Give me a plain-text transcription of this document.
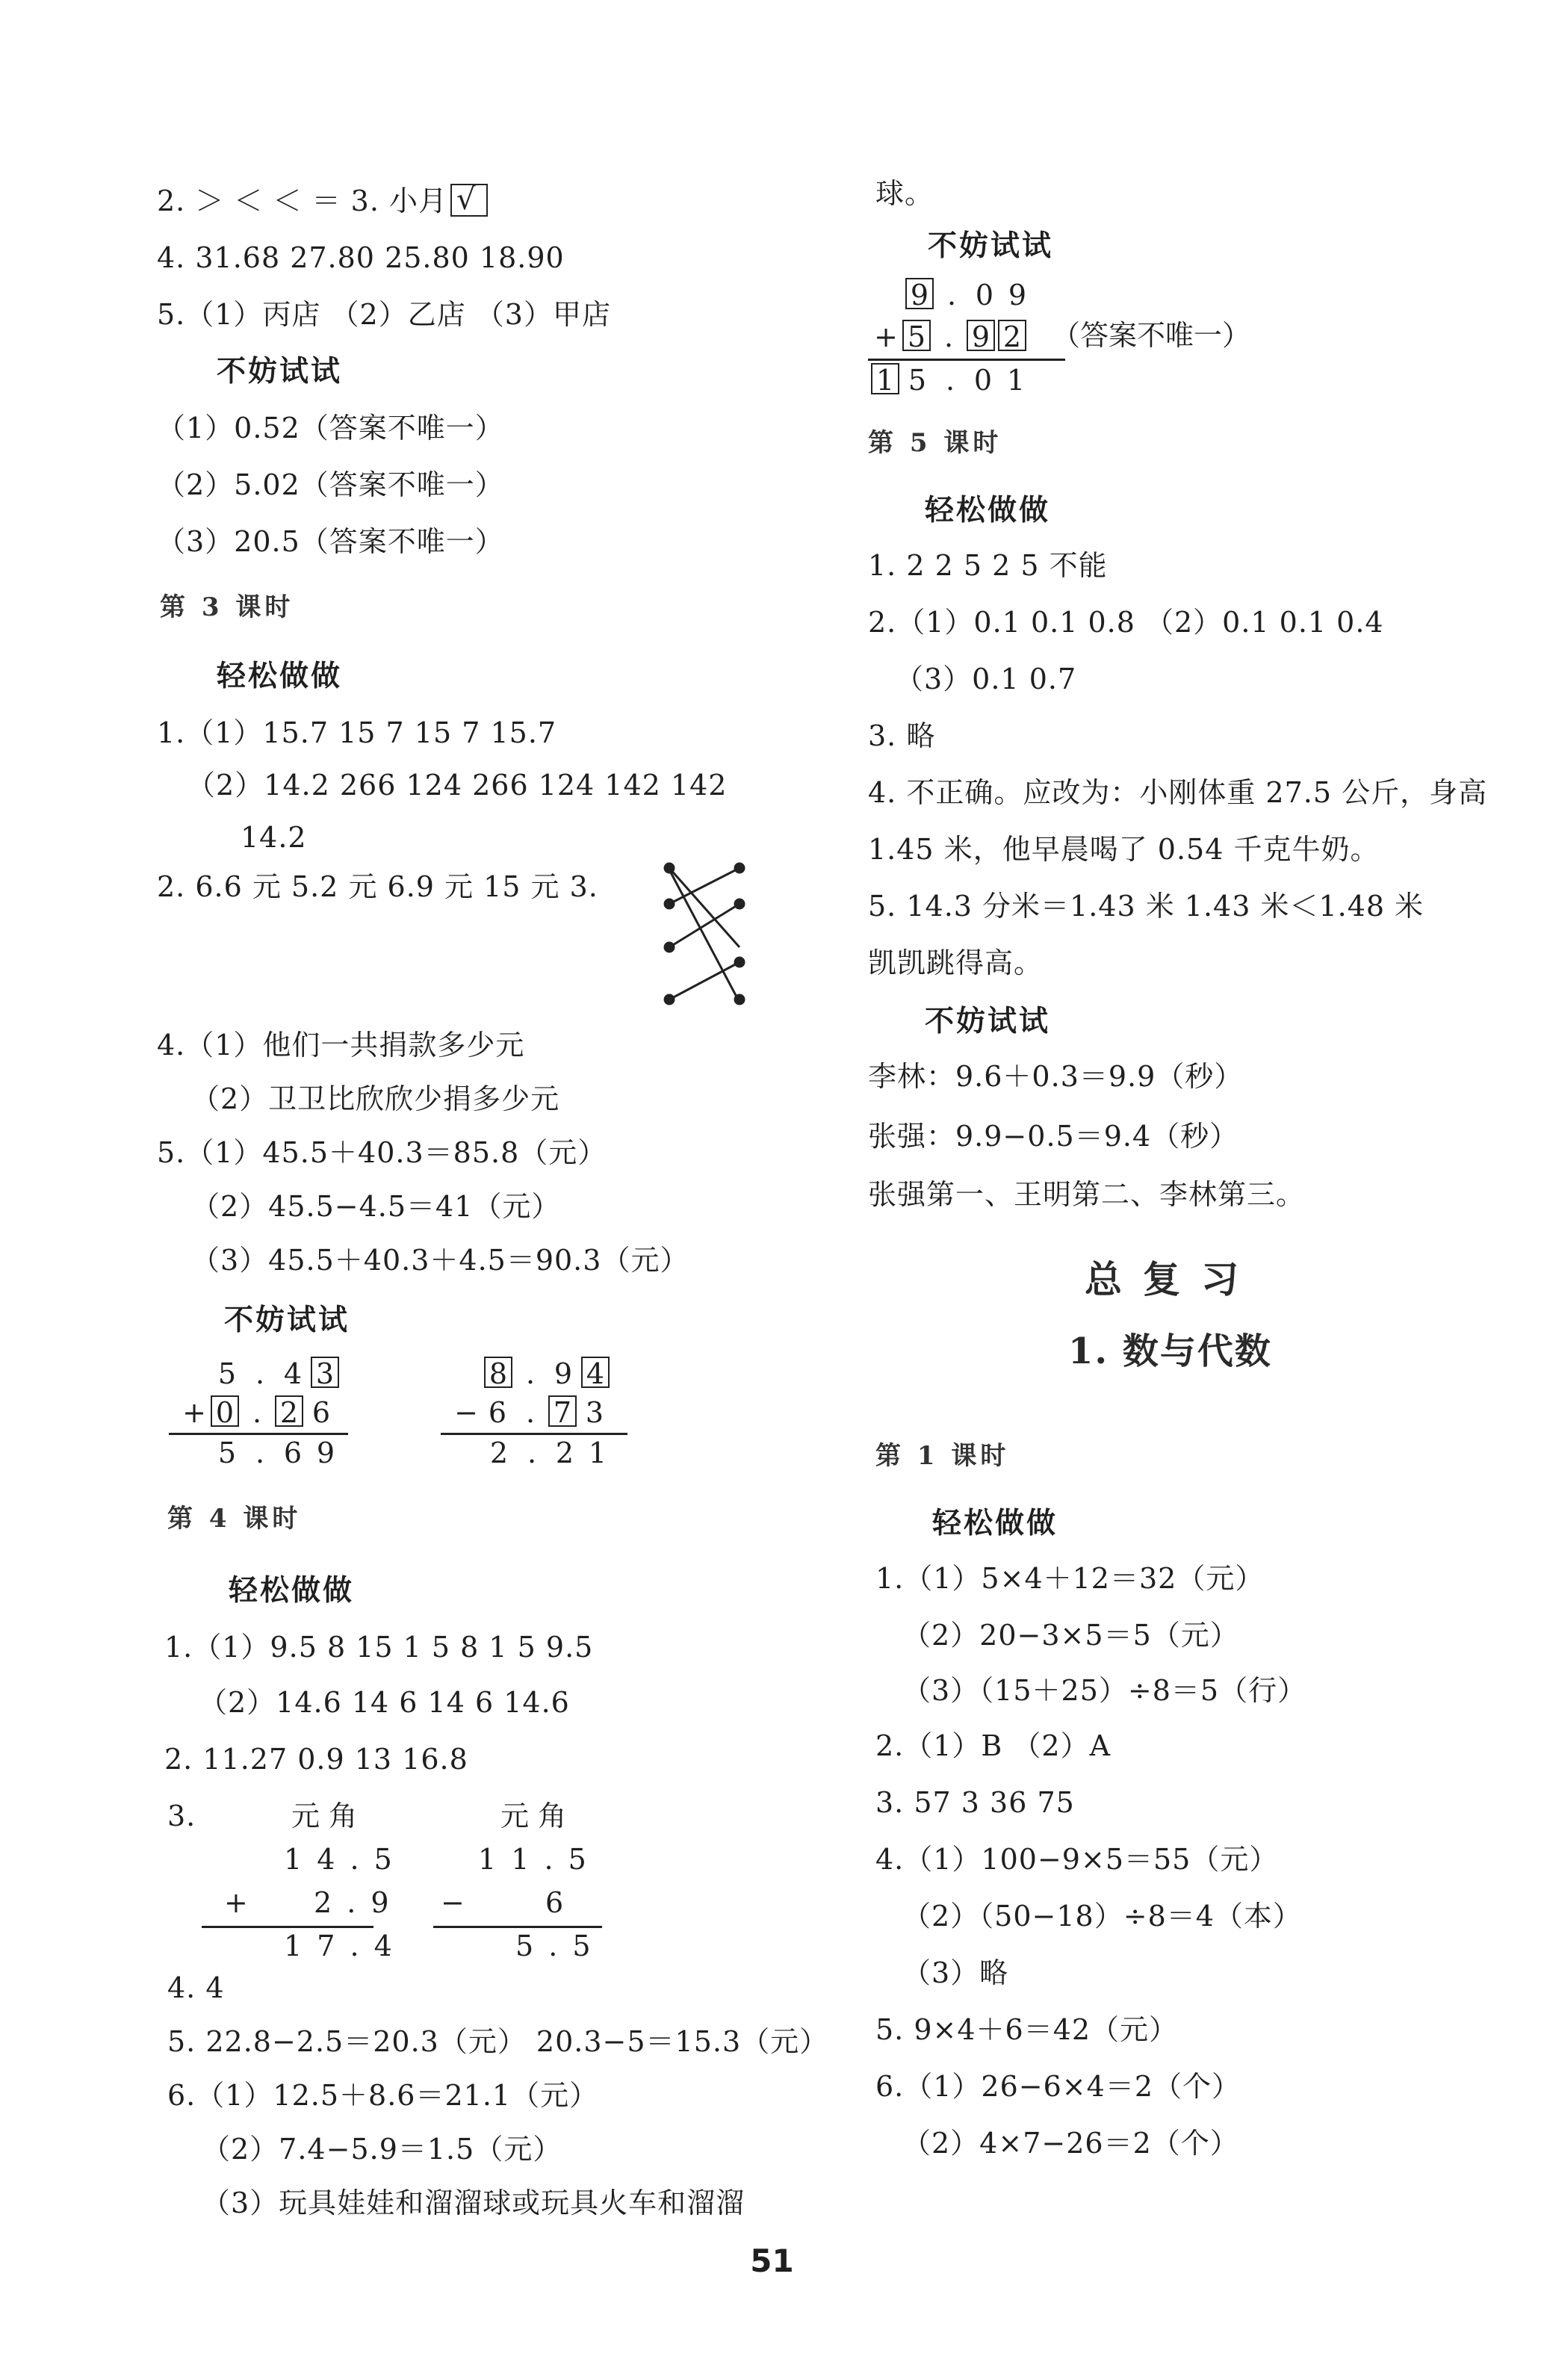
2. ＞ ＜ ＜ ＝ 3. 小月 √
4. 31.68 27.80 25.80 18.90
5.（1）丙店 （2）乙店 （3）甲店
不妨试试
（1）0.52（答案不唯一）
（2）5.02（答案不唯一）
（3）20.5（答案不唯一）
第 3 课时
轻松做做
1.（1）15.7 15 7 15 7 15.7
（2）14.2 266 124 266 124 142 142
14.2
2. 6.6 元 5.2 元 6.9 元 15 元 3.
4.（1）他们一共捐款多少元
（2）卫卫比欣欣少捐多少元
5.（1）45.5＋40.3＝85.8（元）
（2）45.5−4.5＝41（元）
（3）45.5＋40.3＋4.5＝90.3（元）
不妨试试
5 . 4 3
+ 0 . 2 6
5 . 6 9
8 . 9 4
− 6 . 7 3
2 . 2 1
第 4 课时
轻松做做
1.（1）9.5 8 15 1 5 8 1 5 9.5
（2）14.6 14 6 14 6 14.6
2. 11.27 0.9 13 16.8
3.	元 角
1 4 . 5
+ 2 . 9
1 7 . 4
元 角
1 1 . 5
−	6
5 . 5
4. 4
5. 22.8−2.5＝20.3（元） 20.3−5＝15.3（元）
6.（1）12.5＋8.6＝21.1（元）
（2）7.4−5.9＝1.5（元）
（3）玩具娃娃和溜溜球或玩具火车和溜溜
球。
不妨试试
9 . 0 9
+ 5 . 9 2 （答案不唯一）
1 5 . 0 1
第 5 课时
轻松做做
1. 2 2 5 2 5 不能
2.（1）0.1 0.1 0.8 （2）0.1 0.1 0.4
（3）0.1 0.7
3. 略
4. 不正确。应改为：小刚体重 27.5 公斤，身高
1.45 米，他早晨喝了 0.54 千克牛奶。
5. 14.3 分米＝1.43 米 1.43 米＜1.48 米
凯凯跳得高。
不妨试试
李林：9.6＋0.3＝9.9（秒）
张强：9.9−0.5＝9.4（秒）
张强第一、王明第二、李林第三。
总复习
1. 数与代数
第 1 课时
轻松做做
1.（1）5×4＋12＝32（元）
（2）20−3×5＝5（元）
（3）（15＋25）÷8＝5（行）
2.（1）B （2）A
3. 57 3 36 75
4.（1）100−9×5＝55（元）
（2）（50−18）÷8＝4（本）
（3）略
5. 9×4＋6＝42（元）
6.（1）26−6×4＝2（个）
（2）4×7−26＝2（个）
51
